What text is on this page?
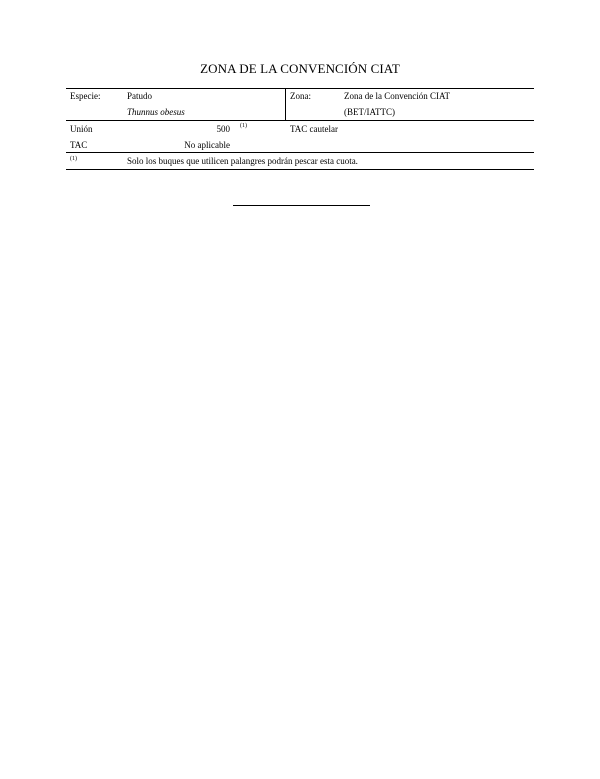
ZONA DE LA CONVENCIÓN CIAT
Especie:	Patudo
Thunnus obesus
Zona:	Zona de la Convención CIAT
(BET/IATTC)
Unión	500 (1)	TAC cautelar
TAC	No aplicable
(1)	Solo los buques que utilicen palangres podrán pescar esta cuota.
